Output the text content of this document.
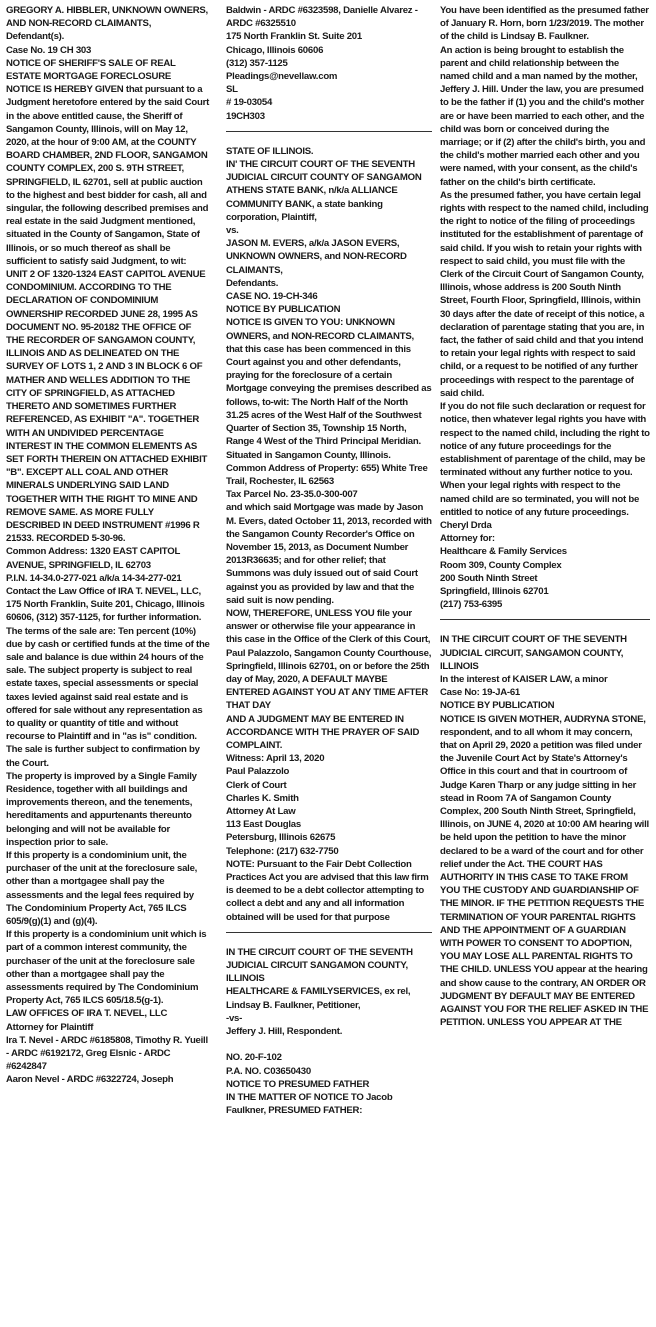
GREGORY A. HIBBLER, UNKNOWN OWNERS, AND NON-RECORD CLAIMANTS, Defendant(s).

Case No. 19 CH 303

NOTICE OF SHERIFF'S SALE OF REAL ESTATE MORTGAGE FORECLOSURE

NOTICE IS HEREBY GIVEN that pursuant to a Judgment heretofore entered by the said Court in the above entitled cause, the Sheriff of Sangamon County, Illinois, will on May 12, 2020, at the hour of 9:00 AM, at the COUNTY BOARD CHAMBER, 2ND FLOOR, SANGAMON COUNTY COMPLEX, 200 S. 9TH STREET, SPRINGFIELD, IL 62701, sell at public auction to the highest and best bidder for cash, all and singular, the following described premises and real estate in the said Judgment mentioned, situated in the County of Sangamon, State of Illinois, or so much thereof as shall be sufficient to satisfy said Judgment, to wit:

UNIT 2 OF 1320-1324 EAST CAPITOL AVENUE CONDOMINIUM. ACCORDING TO THE DECLARATION OF CONDOMINIUM OWNERSHIP RECORDED JUNE 28, 1995 AS DOCUMENT NO. 95-20182 THE OFFICE OF THE RECORDER OF SANGAMON COUNTY, ILLINOIS AND AS DELINEATED ON THE SURVEY OF LOTS 1, 2 AND 3 IN BLOCK 6 OF MATHER AND WELLES ADDITION TO THE CITY OF SPRINGFIELD, AS ATTACHED THERETO AND SOMETIMES FURTHER REFERENCED, AS EXHIBIT "A". TOGETHER WITH AN UNDIVIDED PERCENTAGE INTEREST IN THE COMMON ELEMENTS AS SET FORTH THEREIN ON ATTACHED EXHIBIT "B". EXCEPT ALL COAL AND OTHER MINERALS UNDERLYING SAID LAND TOGETHER WITH THE RIGHT TO MINE AND REMOVE SAME. AS MORE FULLY DESCRIBED IN DEED INSTRUMENT #1996 R 21533. RECORDED 5-30-96.

Common Address: 1320 EAST CAPITOL AVENUE, SPRINGFIELD, IL 62703

P.I.N. 14-34.0-277-021 a/k/a 14-34-277-021

Contact the Law Office of IRA T. NEVEL, LLC, 175 North Franklin, Suite 201, Chicago, Illinois 60606, (312) 357-1125, for further information.

The terms of the sale are: Ten percent (10%) due by cash or certified funds at the time of the sale and balance is due within 24 hours of the sale. The subject property is subject to real estate taxes, special assessments or special taxes levied against said real estate and is offered for sale without any representation as to quality or quantity of title and without recourse to Plaintiff and in "as is" condition. The sale is further subject to confirmation by the Court.

The property is improved by a Single Family Residence, together with all buildings and improvements thereon, and the tenements, hereditaments and appurtenants thereunto belonging and will not be available for inspection prior to sale.

If this property is a condominium unit, the purchaser of the unit at the foreclosure sale, other than a mortgagee shall pay the assessments and the legal fees required by The Condominium Property Act, 765 ILCS 605/9(g)(1) and (g)(4).

If this property is a condominium unit which is part of a common interest community, the purchaser of the unit at the foreclosure sale other than a mortgagee shall pay the assessments required by The Condominium Property Act, 765 ILCS 605/18.5(g-1).

LAW OFFICES OF IRA T. NEVEL, LLC

Attorney for Plaintiff

Ira T. Nevel - ARDC #6185808, Timothy R. Yueill - ARDC #6192172, Greg Elsnic - ARDC #6242847

Aaron Nevel - ARDC #6322724, Joseph

Baldwin - ARDC #6323598, Danielle Alvarez - ARDC #6325510

175 North Franklin St. Suite 201

Chicago, Illinois 60606

(312) 357-1125

Pleadings@nevellaw.com

SL

# 19-03054

19CH303

STATE OF ILLINOIS.

IN' THE CIRCUIT COURT OF THE SEVENTH JUDICIAL CIRCUIT COUNTY OF SANGAMON

ATHENS STATE BANK, n/k/a ALLIANCE COMMUNITY BANK, a state banking corporation, Plaintiff,

vs.

JASON M. EVERS, a/k/a JASON EVERS, UNKNOWN OWNERS, and NON-RECORD CLAIMANTS,

Defendants.

CASE NO. 19-CH-346

NOTICE BY PUBLICATION

NOTICE IS GIVEN TO YOU: UNKNOWN OWNERS, and NON-RECORD CLAIMANTS, that this case has been commenced in this Court against you and other defendants, praying for the foreclosure of a certain Mortgage conveying the premises described as follows, to-wit: The North Half of the North 31.25 acres of the West Half of the Southwest Quarter of Section 35, Township 15 North, Range 4 West of the Third Principal Meridian. Situated in Sangamon County, Illinois.

Common Address of Property: 655) White Tree Trail, Rochester, IL 62563

Tax Parcel No. 23-35.0-300-007

and which said Mortgage was made by Jason M. Evers, dated October 11, 2013, recorded with the Sangamon County Recorder's Office on November 15, 2013, as Document Number 2013R36635; and for other relief; that Summons was duly issued out of said Court against you as provided by law and that the said suit is now pending.

NOW, THEREFORE, UNLESS YOU file your answer or otherwise file your appearance in this case in the Office of the Clerk of this Court, Paul Palazzolo, Sangamon County Courthouse, Springfield, Illinois 62701, on or before the 25th day of May, 2020, A DEFAULT MAYBE ENTERED AGAINST YOU AT ANY TIME AFTER THAT DAY

AND A JUDGMENT MAY BE ENTERED IN ACCORDANCE WITH THE PRAYER OF SAID COMPLAINT.

Witness: April 13, 2020

Paul Palazzolo

Clerk of Court

Charles K. Smith

Attorney At Law

113 East Douglas

Petersburg, Illinois 62675

Telephone: (217) 632-7750

NOTE: Pursuant to the Fair Debt Collection Practices Act you are advised that this law firm is deemed to be a debt collector attempting to collect a debt and any and all information obtained will be used for that purpose

IN THE CIRCUIT COURT OF THE SEVENTH JUDICIAL CIRCUIT SANGAMON COUNTY, ILLINOIS

HEALTHCARE & FAMILYSERVICES, ex rel, Lindsay B. Faulkner, Petitioner,

-vs-

Jeffery J. Hill, Respondent.

NO. 20-F-102

P.A. NO. C03650430

NOTICE TO PRESUMED FATHER

IN THE MATTER OF NOTICE TO Jacob Faulkner, PRESUMED FATHER:

You have been identified as the presumed father of January R. Horn, born 1/23/2019. The mother of the child is Lindsay B. Faulkner.

An action is being brought to establish the parent and child relationship between the named child and a man named by the mother, Jeffery J. Hill. Under the law, you are presumed to be the father if (1) you and the child's mother are or have been married to each other, and the child was born or conceived during the marriage; or if (2) after the child's birth, you and the child's mother married each other and you were named, with your consent, as the child's father on the child's birth certificate.

As the presumed father, you have certain legal rights with respect to the named child, including the right to notice of the filing of proceedings instituted for the establishment of parentage of said child. If you wish to retain your rights with respect to said child, you must file with the Clerk of the Circuit Court of Sangamon County, Illinois, whose address is 200 South Ninth Street, Fourth Floor, Springfield, Illinois, within 30 days after the date of receipt of this notice, a declaration of parentage stating that you are, in fact, the father of said child and that you intend to retain your legal rights with respect to said child, or a request to be notified of any further proceedings with respect to the parentage of said child.

If you do not file such declaration or request for notice, then whatever legal rights you have with respect to the named child, including the right to notice of any future proceedings for the establishment of parentage of the child, may be terminated without any further notice to you. When your legal rights with respect to the named child are so terminated, you will not be entitled to notice of any future proceedings.

Cheryl Drda

Attorney for:

Healthcare & Family Services

Room 309, County Complex

200 South Ninth Street

Springfield, Illinois 62701

(217) 753-6395

IN THE CIRCUIT COURT OF THE SEVENTH JUDICIAL CIRCUIT, SANGAMON COUNTY, ILLINOIS

In the interest of KAISER LAW, a minor

Case No: 19-JA-61

NOTICE BY PUBLICATION

NOTICE IS GIVEN MOTHER, AUDRYNA STONE, respondent, and to all whom it may concern, that on April 29, 2020 a petition was filed under the Juvenile Court Act by State's Attorney's Office in this court and that in courtroom of Judge Karen Tharp or any judge sitting in her stead in Room 7A of Sangamon County Complex, 200 South Ninth Street, Springfield, Illinois, on JUNE 4, 2020 at 10:00 AM hearing will be held upon the petition to have the minor declared to be a ward of the court and for other relief under the Act. THE COURT HAS AUTHORITY IN THIS CASE TO TAKE FROM YOU THE CUSTODY AND GUARDIANSHIP OF THE MINOR. IF THE PETITION REQUESTS THE TERMINATION OF YOUR PARENTAL RIGHTS AND THE APPOINTMENT OF A GUARDIAN WITH POWER TO CONSENT TO ADOPTION, YOU MAY LOSE ALL PARENTAL RIGHTS TO THE CHILD. UNLESS YOU appear at the hearing and show cause to the contrary, AN ORDER OR JUDGMENT BY DEFAULT MAY BE ENTERED AGAINST YOU FOR THE RELIEF ASKED IN THE PETITION. UNLESS YOU APPEAR AT THE
